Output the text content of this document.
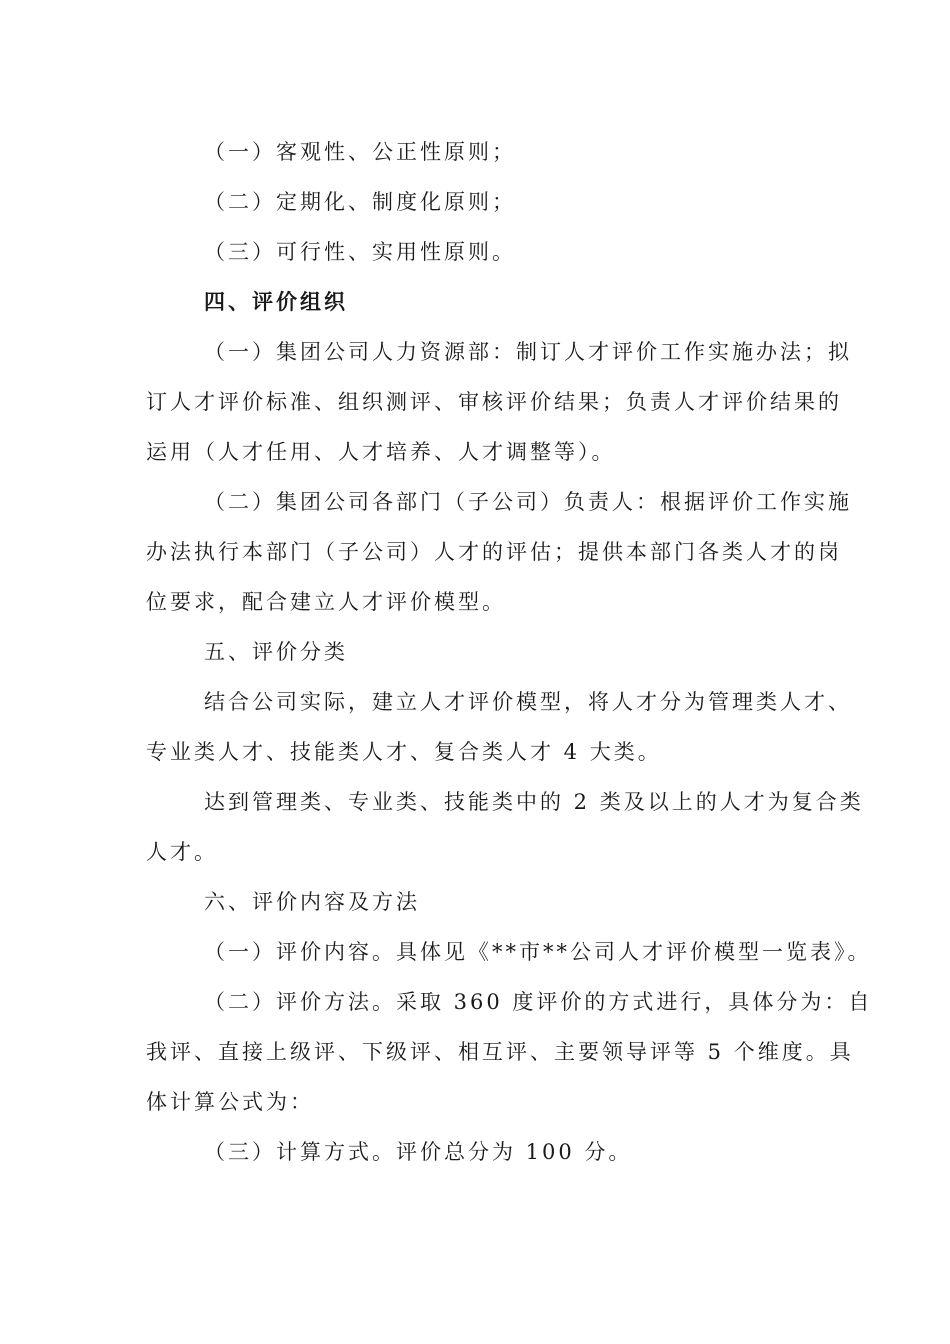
（一）客观性、公正性原则；
（二）定期化、制度化原则；
（三）可行性、实用性原则。
四、评价组织
（一）集团公司人力资源部：制订人才评价工作实施办法；拟
订人才评价标准、组织测评、审核评价结果；负责人才评价结果的
运用（人才任用、人才培养、人才调整等）。
（二）集团公司各部门（子公司）负责人：根据评价工作实施
办法执行本部门（子公司）人才的评估；提供本部门各类人才的岗
位要求，配合建立人才评价模型。
五、评价分类
结合公司实际，建立人才评价模型，将人才分为管理类人才、
专业类人才、技能类人才、复合类人才 4 大类。
达到管理类、专业类、技能类中的 2 类及以上的人才为复合类
人才。
六、评价内容及方法
（一）评价内容。具体见《**市**公司人才评价模型一览表》。
（二）评价方法。采取 360 度评价的方式进行，具体分为：自
我评、直接上级评、下级评、相互评、主要领导评等 5 个维度。具
体计算公式为：
（三）计算方式。评价总分为 100 分。
